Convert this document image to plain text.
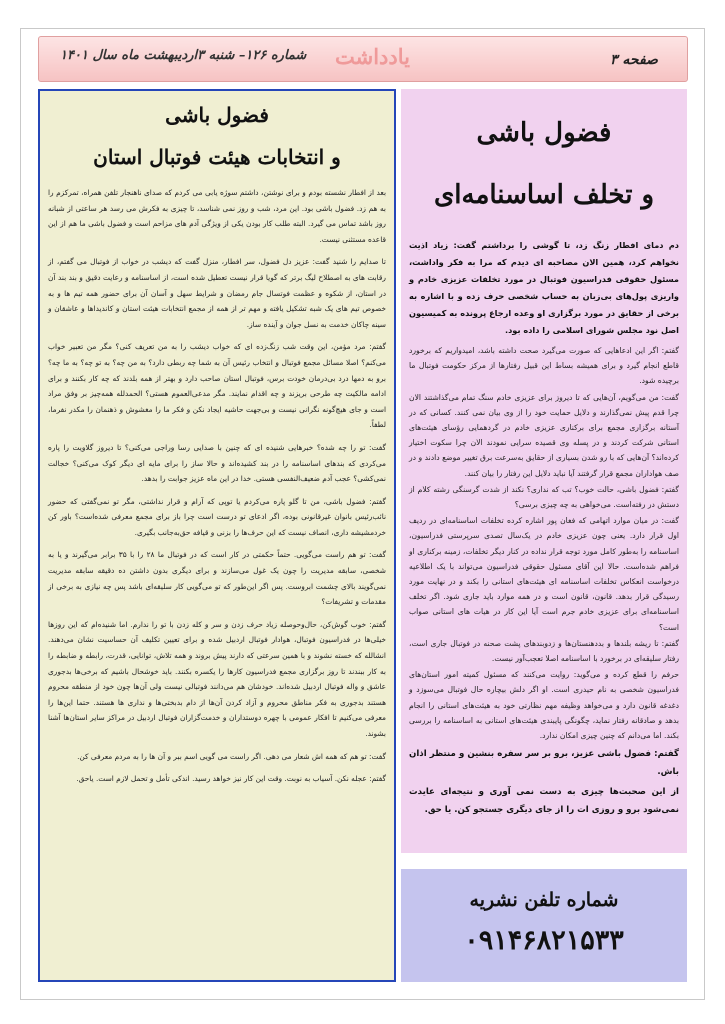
شماره ۱۲۶– شنبه ۳اردیبهشت ماه سال ۱۴۰۱ یادداشت	صفحه ۳
فضول باشی
و انتخابات هیئت فوتبال استان

بعد از افطار نشسته بودم و برای نوشتن، داشتم سوژه یابی می کردم که صدای ناهنجار تلفن همراه، تمرکزم را به هم زد. فضول باشی بود. این مرد، شب و روز نمی شناسد، تا چیزی به فکرش می رسد هر ساعتی از شبانه روز باشد تماس می گیرد. البته طلب کار بودن یکی از ویژگی آدم های مزاحم است و فضول باشی ما هم از این قاعده مستثنی نیست.

تا صدایم را شنید گفت: عزیز دل فضول، سر افطار، منزل گفت که دیشب در خواب از فوتبال می گفتم، از رقابت های به اصطلاح لیگ برتر که گویا قرار نیست تعطیل شده است، از اساسنامه و رعایت دقیق و بند بند آن در استان، از شکوه و عظمت فوتسال جام رمضان و شرایط سهل و آسان آن برای حضور همه تیم ها و به خصوص تیم های یک شبه تشکیل یافته و مهم تر از همه از مجمع انتخابات هیئت استان و کاندیداها و عاشقان و سینه چاکان خدمت به نسل جوان و آینده ساز.

گفتم: مرد مؤمن، این وقت شب زنگ‌زده ای که خواب دیشب را به من تعریف کنی؟ مگر من تعبیر خواب می‌کنم؟ اصلا مسائل مجمع فوتبال و انتخاب رئیس آن به شما چه ربطی دارد؟ به من چه؟ به تو چه؟ به ما چه؟ برو به دمها درد بی‌درمان خودت برس، فوتبال استان صاحب دارد و بهتر از همه بلدند که چه کار بکنند و برای ادامه مالکیت چه طرحی بریزند و چه اقدام نمایند. مگر مدعی‌العموم هستی؟ الحمدلله همه‌چیز بر وفق مراد است و جای هیچ‌گونه نگرانی نیست و بی‌جهت حاشیه ایجاد نکن و فکر ما را مغشوش و ذهنمان را مکدر نفرما، لطفاً.

گفت: تو را چه شده؟ خبرهایی شنیده ای که چنین با صدایی رسا وراجی می‌کنی؟ تا دیروز گلاویت را پاره می‌کردی که بندهای اساسنامه را در بند کشیده‌اند و حالا ساز را برای مایه ای دیگر کوک می‌کنی؟ خجالت نمی‌کشی؟ عجب آدم ضعیف‌النفسی هستی. خدا در این ماه عزیز جوابت را بدهد.

گفتم: فضول باشی، من تا گلو پاره می‌کردم یا توپی که آرام و قرار نداشتی، مگر تو نمی‌گفتی که حضور نائب‌رئیس بانوان غیرقانونی بوده، اگر ادعای تو درست است چرا باز برای مجمع معرفی شده‌است؟ باور کن خردمشیشه داری، انصاف نیست که این حرف‌ها را بزنی و قیافه حق‌به‌جانب بگیری.

گفت: تو هم راست می‌گویی. حتماً حکمتی در کار است که در فوتبال ما ۲۸ را با ۳۵ برابر می‌گیرند و یا به شخصی، سابقه مدیریت را چون یک غول می‌سازند و برای دیگری بدون داشتن ده دقیقه سابقه مدیریت نمی‌گویند بالای چشمت ابروست. پس اگر این‌طور که تو می‌گویی کار سلیقه‌ای باشد پس چه نیازی به برخی از مقدمات و تشریفات؟

گفتم: خوب گوش‌کن، حال‌وحوصله زیاد حرف زدن و سر و کله زدن با تو را ندارم. اما شنیده‌ام که این روزها خیلی‌ها در فدراسیون فوتبال، هوادار فوتبال اردبیل شده و برای تعیین تکلیف آن حساسیت نشان می‌دهند. انشالله که خسته نشوند و با همین سرعتی که دارند پیش بروند و همه تلاش، توانایی، قدرت، رابطه و ضابطه را به کار ببندند تا روز برگزاری مجمع فدراسیون کارها را یکسره بکنند. باید خوشحال باشیم که برخی‌ها بدجوری عاشق و واله فوتبال اردبیل شده‌اند. خودشان هم می‌دانند فوتبالی نیست ولی آن‌ها چون خود از منطقه محروم هستند بدجوری به فکر مناطق محروم و آزاد کردن آن‌ها از دام بدبختی‌ها و نداری ها هستند. حتما این‌ها را معرفی می‌کنیم تا افکار عمومی با چهره دوستداران و خدمت‌گزاران فوتبال اردبیل در مراکز سایر استان‌ها آشنا بشوند.

گفت: تو هم که همه اش شعار می دهی. اگر راست می گویی اسم ببر و آن ها را به مردم معرفی کن.

گفتم: عجله نکن. آسیاب به نوبت. وقت این کار نیز خواهد رسید. اندکی تأمل و تحمل لازم است. یاحق.

فضول باشی
و تخلف اساسنامه‌ای

دم دمای افطار زنگ زد، تا گوشی را برداشتم گفت: زیاد اذیت نخواهم کرد، همین الان مصاحبه ای دیدم که مرا به فکر واداشت، مسئول حقوقی فدراسیون فوتبال در مورد تخلفات عزیزی خادم و واریزی پول‌های بی‌زبان به حساب شخصی حرف زده و با اشاره به برخی از حقایق در مورد برگزاری او وعده ارجاع پرونده به کمیسیون اصل نود مجلس شورای اسلامی را داده بود.

گفتم: اگر این ادعاهایی که صورت می‌گیرد صحت داشته باشد، امیدواریم که برخورد قاطع انجام گیرد و برای همیشه بساط این قبیل رفتارها از مرکز حکومت فوتبال ما برچیده شود.

گفت: من می‌گویم، آن‌هایی که تا دیروز برای عزیزی خادم سنگ تمام می‌گذاشتند الان چرا قدم پیش نمی‌گذارند و دلایل حمایت خود را از وی بیان نمی کنند. کسانی که در آستانه برگزاری مجمع برای برکناری عزیزی خادم در گردهمایی رؤسای هیئت‌های استانی شرکت کردند و در پسله وی قصیده سرایی نمودند الان چرا سکوت اختیار کرده‌اند؟ آن‌هایی که با رو شدن بسیاری از حقایق به‌سرعت برق تغییر موضع دادند و در صف هواداران مجمع قرار گرفتند آیا نباید دلایل این رفتار را بیان کنند.

گفتم: فضول باشی، حالت خوب؟ تب که نداری؟ نکند از شدت گرسنگی رشته کلام از دستش در رفته‌است. می‌خواهی به چه چیزی برسی؟

گفت: در میان موارد اتهامی که فغان پور اشاره کرده تخلفات اساسنامه‌ای در ردیف اول قرار دارد. یعنی چون عزیزی خادم در یک‌سال تصدی سرپرستی فدراسیون، اساسنامه را به‌طور کامل مورد توجه قرار نداده در کنار دیگر تخلفات، زمینه برکناری او فراهم شده‌است. حالا این آقای مسئول حقوقی فدراسیون می‌تواند با یک اطلاعیه درخواست انعکاس تخلفات اساسنامه ای هیئت‌های استانی را بکند و در نهایت مورد رسیدگی قرار بدهد. قانون، قانون است و در همه موارد باید جاری شود. اگر تخلف اساسنامه‌ای برای عزیزی خادم جرم است آیا این کار در هیات های استانی صواب است؟

گفتم: تا ریشه بلندها و بددهنستان‌ها و زدوبندهای پشت صحنه در فوتبال جاری است، رفتار سلیقه‌ای در برخورد با اساسنامه اصلا تعجب‌آور نیست.

حرفم را قطع کرده و می‌گوید: روایت می‌کنند که مسئول کمیته امور استان‌های فدراسیون شخصی به نام حیدری است. او اگر دلش بیچاره حال فوتبال می‌سوزد و دغدغه قانون دارد و می‌خواهد وظیفه مهم نظارتی خود به هیئت‌های استانی را انجام بدهد و صادقانه رفتار نماید، چگونگی پایبندی هیئت‌های استانی به اساسنامه را بررسی بکند. اما می‌دانم که چنین چیزی امکان ندارد.

گفتم: فضول باشی عزیز، برو بر سر سفره بنشین و منتظر اذان باش.

از این صحبت‌ها چیزی به دست نمی آوری و نتیجه‌ای عایدت نمی‌شود برو و روزی ات را از جای دیگری جستجو کن. یا حق.

شماره تلفن نشریه
۰۹۱۴۶۸۲۱۵۳۳
